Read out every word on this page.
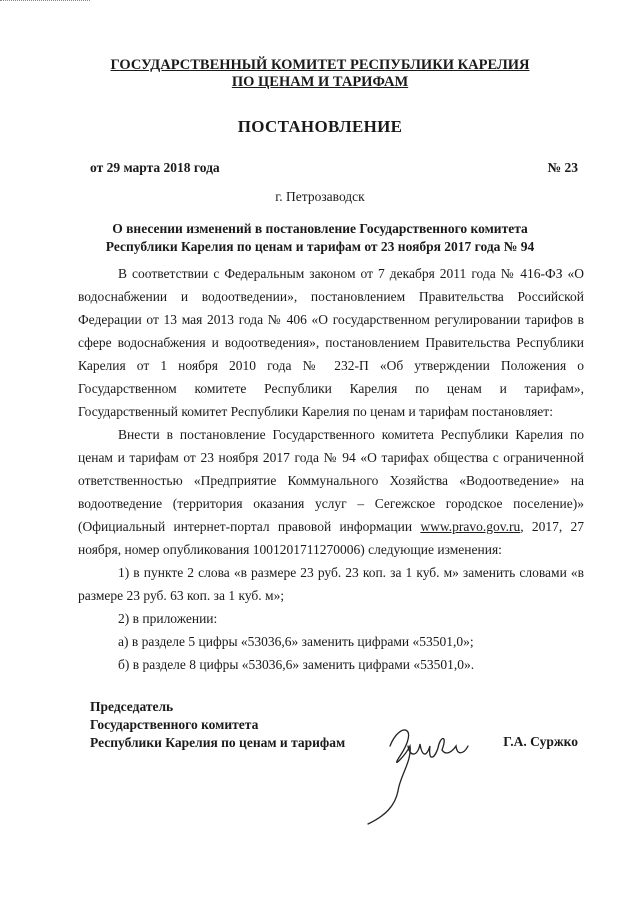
ГОСУДАРСТВЕННЫЙ КОМИТЕТ РЕСПУБЛИКИ КАРЕЛИЯ
ПО ЦЕНАМ И ТАРИФАМ
ПОСТАНОВЛЕНИЕ
от 29 марта 2018 года	№ 23
г. Петрозаводск
О внесении изменений в постановление Государственного комитета
Республики Карелия по ценам и тарифам от 23 ноября 2017 года № 94

В соответствии с Федеральным законом от 7 декабря 2011 года № 416-ФЗ «О водоснабжении и водоотведении», постановлением Правительства Российской Федерации от 13 мая 2013 года № 406 «О государственном регулировании тарифов в сфере водоснабжения и водоотведения», постановлением Правительства Республики Карелия от 1 ноября 2010 года № 232-П «Об утверждении Положения о Государственном комитете Республики Карелия по ценам и тарифам», Государственный комитет Республики Карелия по ценам и тарифам постановляет:

Внести в постановление Государственного комитета Республики Карелия по ценам и тарифам от 23 ноября 2017 года № 94 «О тарифах общества с ограниченной ответственностью «Предприятие Коммунального Хозяйства «Водоотведение» на водоотведение (территория оказания услуг – Сегежское городское поселение)» (Официальный интернет-портал правовой информации www.pravo.gov.ru, 2017, 27 ноября, номер опубликования 1001201711270006) следующие изменения:

1) в пункте 2 слова «в размере 23 руб. 23 коп. за 1 куб. м» заменить словами «в размере 23 руб. 63 коп. за 1 куб. м»;

2) в приложении:

а) в разделе 5 цифры «53036,6» заменить цифрами «53501,0»;

б) в разделе 8 цифры «53036,6» заменить цифрами «53501,0».

Председатель
Государственного комитета
Республики Карелия по ценам и тарифам	Г.А. Суржко
